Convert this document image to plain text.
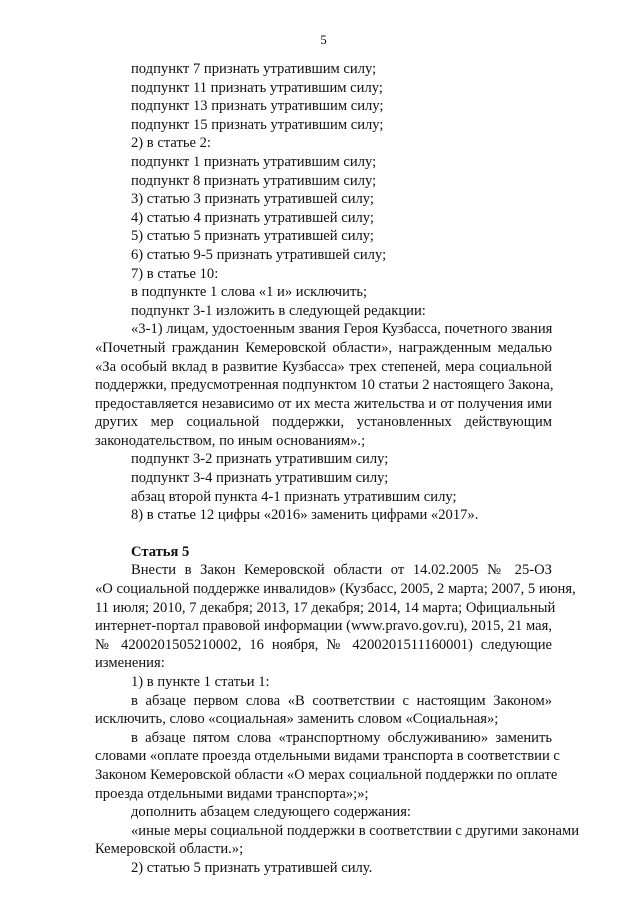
5
подпункт 7 признать утратившим силу;
подпункт 11 признать утратившим силу;
подпункт 13 признать утратившим силу;
подпункт 15 признать утратившим силу;
2) в статье 2:
подпункт 1 признать утратившим силу;
подпункт 8 признать утратившим силу;
3) статью 3 признать утратившей силу;
4) статью 4 признать утратившей силу;
5) статью 5 признать утратившей силу;
6) статью 9-5 признать утратившей силу;
7) в статье 10:
в подпункте 1 слова «1 и» исключить;
подпункт 3-1 изложить в следующей редакции:
«3-1) лицам, удостоенным звания Героя Кузбасса, почетного звания
«Почетный гражданин Кемеровской области», награжденным медалью
«За особый вклад в развитие Кузбасса» трех степеней, мера социальной
поддержки, предусмотренная подпунктом 10 статьи 2 настоящего Закона,
предоставляется независимо от их места жительства и от получения ими
других мер социальной поддержки, установленных действующим
законодательством, по иным основаниям».;
подпункт 3-2 признать утратившим силу;
подпункт 3-4 признать утратившим силу;
абзац второй пункта 4-1 признать утратившим силу;
8) в статье 12 цифры «2016» заменить цифрами «2017».
Статья 5
Внести в Закон Кемеровской области от 14.02.2005 № 25-ОЗ
«О социальной поддержке инвалидов» (Кузбасс, 2005, 2 марта; 2007, 5 июня,
11 июля; 2010, 7 декабря; 2013, 17 декабря; 2014, 14 марта; Официальный
интернет-портал правовой информации (www.pravo.gov.ru), 2015, 21 мая,
№ 4200201505210002, 16 ноября, № 4200201511160001) следующие
изменения:
1) в пункте 1 статьи 1:
в абзаце первом слова «В соответствии с настоящим Законом»
исключить, слово «социальная» заменить словом «Социальная»;
в абзаце пятом слова «транспортному обслуживанию» заменить
словами «оплате проезда отдельными видами транспорта в соответствии с
Законом Кемеровской области «О мерах социальной поддержки по оплате
проезда отдельными видами транспорта»;»;
дополнить абзацем следующего содержания:
«иные меры социальной поддержки в соответствии с другими законами
Кемеровской области.»;
2) статью 5 признать утратившей силу.
